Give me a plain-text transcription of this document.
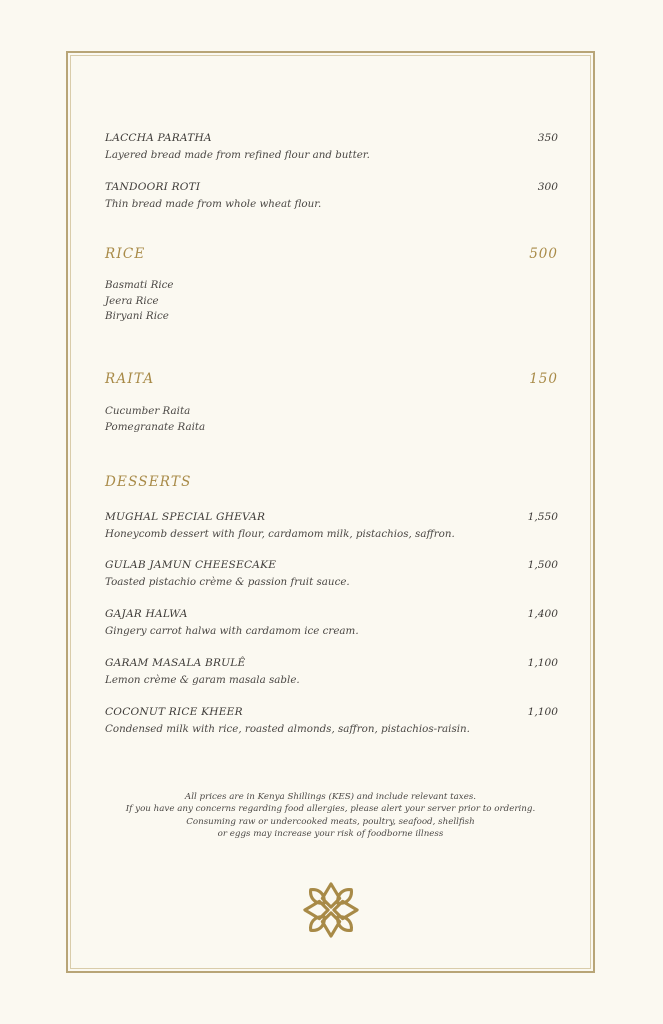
LACCHA PARATHA	350
Layered bread made from refined flour and butter.
TANDOORI ROTI	300
Thin bread made from whole wheat flour.
RICE	500
Basmati Rice
Jeera Rice
Biryani Rice
RAITA	150
Cucumber Raita
Pomegranate Raita
DESSERTS
MUGHAL SPECIAL GHEVAR	1,550
Honeycomb dessert with flour, cardamom milk, pistachios, saffron.
GULAB JAMUN CHEESECAKE	1,500
Toasted pistachio crème & passion fruit sauce.
GAJAR HALWA	1,400
Gingery carrot halwa with cardamom ice cream.
GARAM MASALA BRULÊ	1,100
Lemon crème & garam masala sable.
COCONUT RICE KHEER	1,100
Condensed milk with rice, roasted almonds, saffron, pistachios-raisin.
All prices are in Kenya Shillings (KES) and include relevant taxes.
If you have any concerns regarding food allergies, please alert your server prior to ordering.
Consuming raw or undercooked meats, poultry, seafood, shellfish
or eggs may increase your risk of foodborne illness
